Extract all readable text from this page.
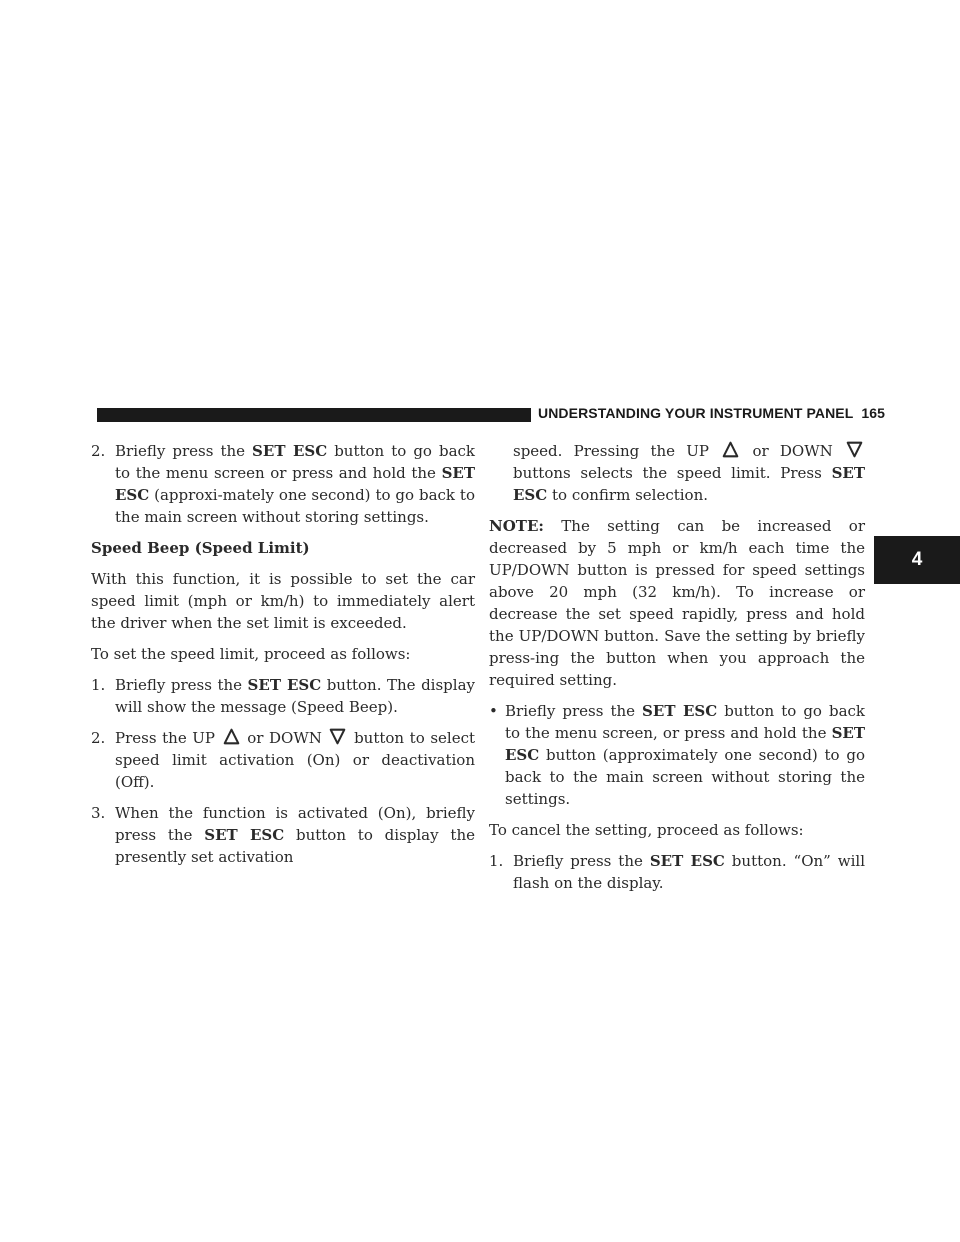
UNDERSTANDING YOUR INSTRUMENT PANEL 165
4
2. Briefly press the SET ESC button to go back to the menu screen or press and hold the SET ESC (approxi-mately one second) to go back to the main screen without storing settings.

Speed Beep (Speed Limit)

With this function, it is possible to set the car speed limit (mph or km/h) to immediately alert the driver when the set limit is exceeded.

To set the speed limit, proceed as follows:

1. Briefly press the SET ESC button. The display will show the message (Speed Beep).
2. Press the UP  or DOWN  button to select speed limit activation (On) or deactivation (Off).
3. When the function is activated (On), briefly press the SET ESC button to display the presently set activation

speed. Pressing the UP  or DOWN  buttons selects the speed limit. Press SET ESC to confirm selection.

NOTE: The setting can be increased or decreased by 5 mph or km/h each time the UP/DOWN button is pressed for speed settings above 20 mph (32 km/h). To increase or decrease the set speed rapidly, press and hold the UP/DOWN button. Save the setting by briefly press-ing the button when you approach the required setting.

• Briefly press the SET ESC button to go back to the menu screen, or press and hold the SET ESC button (approximately one second) to go back to the main screen without storing the settings.

To cancel the setting, proceed as follows:

1. Briefly press the SET ESC button. “On” will flash on the display.
